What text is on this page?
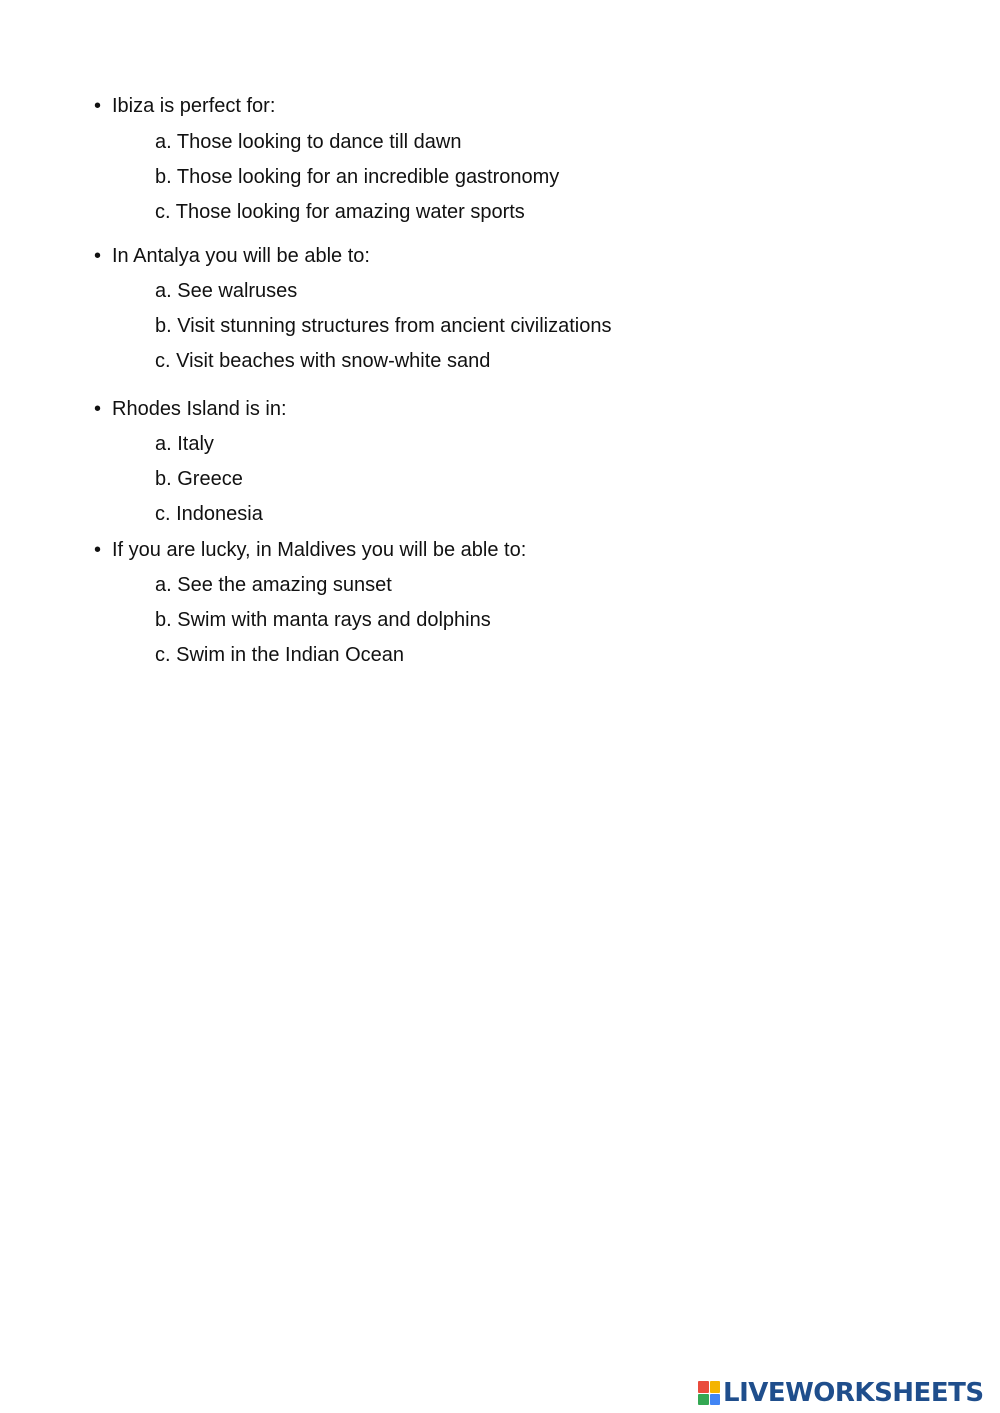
• Ibiza is perfect for:
a. Those looking to dance till dawn
b. Those looking for an incredible gastronomy
c. Those looking for amazing water sports
• In Antalya you will be able to:
a. See walruses
b. Visit stunning structures from ancient civilizations
c. Visit beaches with snow-white sand
• Rhodes Island is in:
a. Italy
b. Greece
c. Indonesia
• If you are lucky, in Maldives you will be able to:
a. See the amazing sunset
b. Swim with manta rays and dolphins
c. Swim in the Indian Ocean
LIVEWORKSHEETS
